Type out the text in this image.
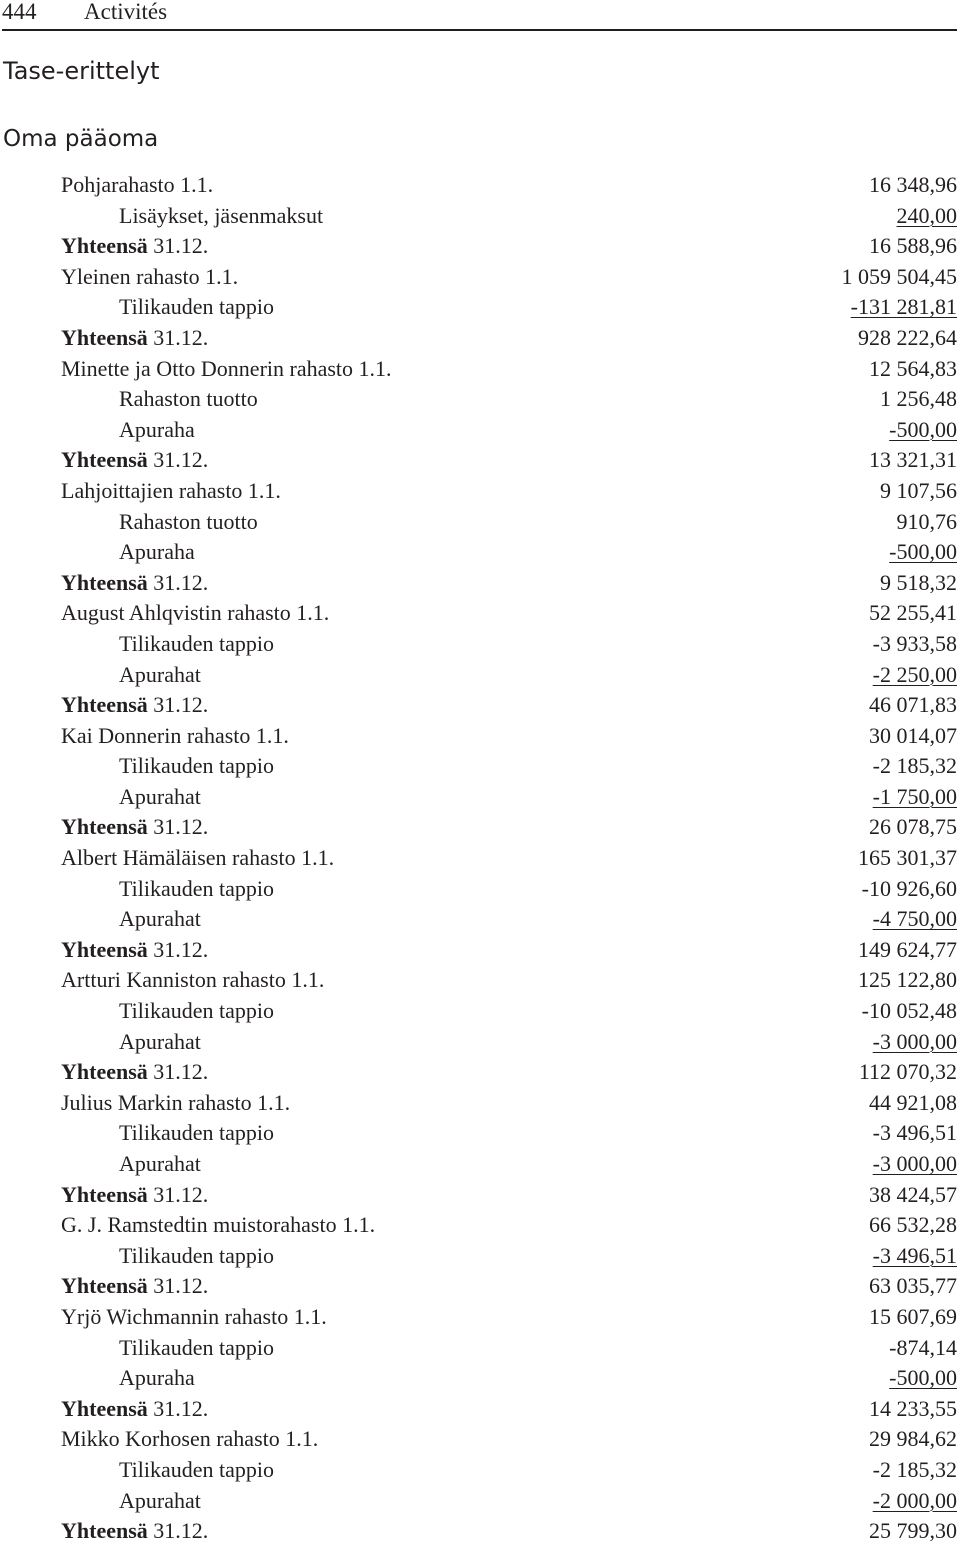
444 Activités
Tase-erittelyt
Oma pääoma
Pohjarahasto 1.1.	16 348,96
Lisäykset, jäsenmaksut	240,00
Yhteensä 31.12.	16 588,96
Yleinen rahasto 1.1.	1 059 504,45
Tilikauden tappio	-131 281,81
Yhteensä 31.12.	928 222,64
Minette ja Otto Donnerin rahasto 1.1.	12 564,83
Rahaston tuotto	1 256,48
Apuraha	-500,00
Yhteensä 31.12.	13 321,31
Lahjoittajien rahasto 1.1.	9 107,56
Rahaston tuotto	910,76
Apuraha	-500,00
Yhteensä 31.12.	9 518,32
August Ahlqvistin rahasto 1.1.	52 255,41
Tilikauden tappio	-3 933,58
Apurahat	-2 250,00
Yhteensä 31.12.	46 071,83
Kai Donnerin rahasto 1.1.	30 014,07
Tilikauden tappio	-2 185,32
Apurahat	-1 750,00
Yhteensä 31.12.	26 078,75
Albert Hämäläisen rahasto 1.1.	165 301,37
Tilikauden tappio	-10 926,60
Apurahat	-4 750,00
Yhteensä 31.12.	149 624,77
Artturi Kanniston rahasto 1.1.	125 122,80
Tilikauden tappio	-10 052,48
Apurahat	-3 000,00
Yhteensä 31.12.	112 070,32
Julius Markin rahasto 1.1.	44 921,08
Tilikauden tappio	-3 496,51
Apurahat	-3 000,00
Yhteensä 31.12.	38 424,57
G. J. Ramstedtin muistorahasto 1.1.	66 532,28
Tilikauden tappio	-3 496,51
Yhteensä 31.12.	63 035,77
Yrjö Wichmannin rahasto 1.1.	15 607,69
Tilikauden tappio	-874,14
Apuraha	-500,00
Yhteensä 31.12.	14 233,55
Mikko Korhosen rahasto 1.1.	29 984,62
Tilikauden tappio	-2 185,32
Apurahat	-2 000,00
Yhteensä 31.12.	25 799,30
